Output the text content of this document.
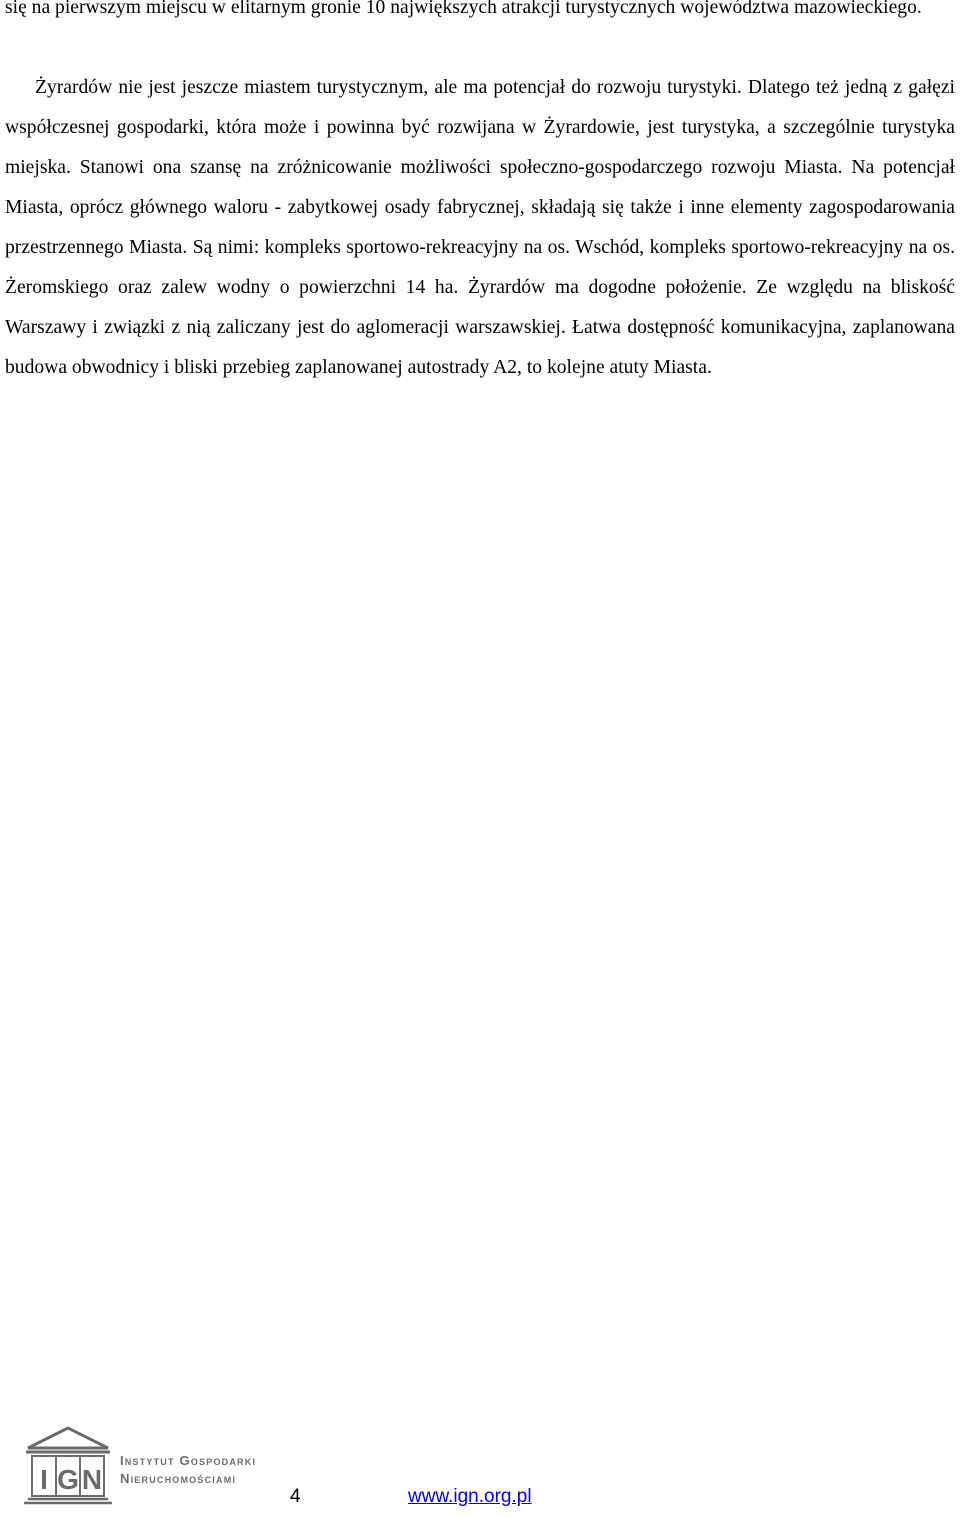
się na pierwszym miejscu w elitarnym gronie 10 największych atrakcji turystycznych województwa mazowieckiego.

Żyrardów nie jest jeszcze miastem turystycznym, ale ma potencjał do rozwoju turystyki. Dlatego też jedną z gałęzi współczesnej gospodarki, która może i powinna być rozwijana w Żyrardowie, jest turystyka, a szczególnie turystyka miejska. Stanowi ona szansę na zróżnicowanie możliwości społeczno-gospodarczego rozwoju Miasta. Na potencjał Miasta, oprócz głównego waloru - zabytkowej osady fabrycznej, składają się także i inne elementy zagospodarowania przestrzennego Miasta. Są nimi: kompleks sportowo-rekreacyjny na os. Wschód, kompleks sportowo-rekreacyjny na os. Żeromskiego oraz zalew wodny o powierzchni 14 ha. Żyrardów ma dogodne położenie. Ze względu na bliskość Warszawy i związki z nią zaliczany jest do aglomeracji warszawskiej. Łatwa dostępność komunikacyjna, zaplanowana budowa obwodnicy i bliski przebieg zaplanowanej autostrady A2, to kolejne atuty Miasta.

I G N
Instytut Gospodarki
Nieruchomościami
4	www.ign.org.pl
